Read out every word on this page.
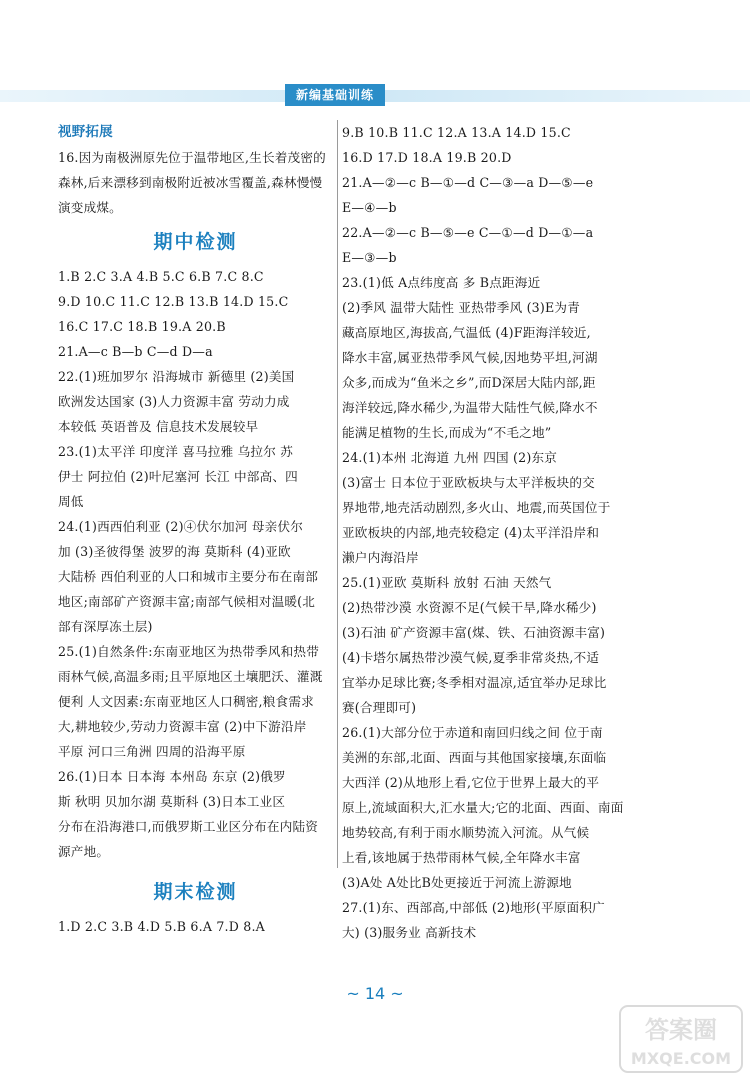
新编基础训练
视野拓展
16.因为南极洲原先位于温带地区,生长着茂密的
森林,后来漂移到南极附近被冰雪覆盖,森林慢慢
演变成煤。
期中检测
1.B 2.C 3.A 4.B 5.C 6.B 7.C 8.C
9.D 10.C 11.C 12.B 13.B 14.D 15.C
16.C 17.C 18.B 19.A 20.B
21.A—c B—b C—d D—a
22.(1)班加罗尔 沿海城市 新德里 (2)美国
欧洲发达国家 (3)人力资源丰富 劳动力成
本较低 英语普及 信息技术发展较早
23.(1)太平洋 印度洋 喜马拉雅 乌拉尔 苏
伊士 阿拉伯 (2)叶尼塞河 长江 中部高、四
周低
24.(1)西西伯利亚 (2)④伏尔加河 母亲伏尔
加 (3)圣彼得堡 波罗的海 莫斯科 (4)亚欧
大陆桥 西伯利亚的人口和城市主要分布在南部
地区;南部矿产资源丰富;南部气候相对温暖(北
部有深厚冻土层)
25.(1)自然条件:东南亚地区为热带季风和热带
雨林气候,高温多雨;且平原地区土壤肥沃、灌溉
便利 人文因素:东南亚地区人口稠密,粮食需求
大,耕地较少,劳动力资源丰富 (2)中下游沿岸
平原 河口三角洲 四周的沿海平原
26.(1)日本 日本海 本州岛 东京 (2)俄罗
斯 秋明 贝加尔湖 莫斯科 (3)日本工业区
分布在沿海港口,而俄罗斯工业区分布在内陆资
源产地。
期末检测
1.D 2.C 3.B 4.D 5.B 6.A 7.D 8.A
9.B 10.B 11.C 12.A 13.A 14.D 15.C
16.D 17.D 18.A 19.B 20.D
21.A—②—c B—①—d C—③—a D—⑤—e
E—④—b
22.A—②—c B—⑤—e C—①—d D—①—a
E—③—b
23.(1)低 A点纬度高 多 B点距海近
(2)季风 温带大陆性 亚热带季风 (3)E为青
藏高原地区,海拔高,气温低 (4)F距海洋较近,
降水丰富,属亚热带季风气候,因地势平坦,河湖
众多,而成为“鱼米之乡”,而D深居大陆内部,距
海洋较远,降水稀少,为温带大陆性气候,降水不
能满足植物的生长,而成为“不毛之地”
24.(1)本州 北海道 九州 四国 (2)东京
(3)富士 日本位于亚欧板块与太平洋板块的交
界地带,地壳活动剧烈,多火山、地震,而英国位于
亚欧板块的内部,地壳较稳定 (4)太平洋沿岸和
濑户内海沿岸
25.(1)亚欧 莫斯科 放射 石油 天然气
(2)热带沙漠 水资源不足(气候干旱,降水稀少)
(3)石油 矿产资源丰富(煤、铁、石油资源丰富)
(4)卡塔尔属热带沙漠气候,夏季非常炎热,不适
宜举办足球比赛;冬季相对温凉,适宜举办足球比
赛(合理即可)
26.(1)大部分位于赤道和南回归线之间 位于南
美洲的东部,北面、西面与其他国家接壤,东面临
大西洋 (2)从地形上看,它位于世界上最大的平
原上,流域面积大,汇水量大;它的北面、西面、南面
地势较高,有利于雨水顺势流入河流。从气候
上看,该地属于热带雨林气候,全年降水丰富
(3)A处 A处比B处更接近于河流上游源地
27.(1)东、西部高,中部低 (2)地形(平原面积广
大) (3)服务业 高新技术
~ 14 ~
答案圈
MXQE.COM
